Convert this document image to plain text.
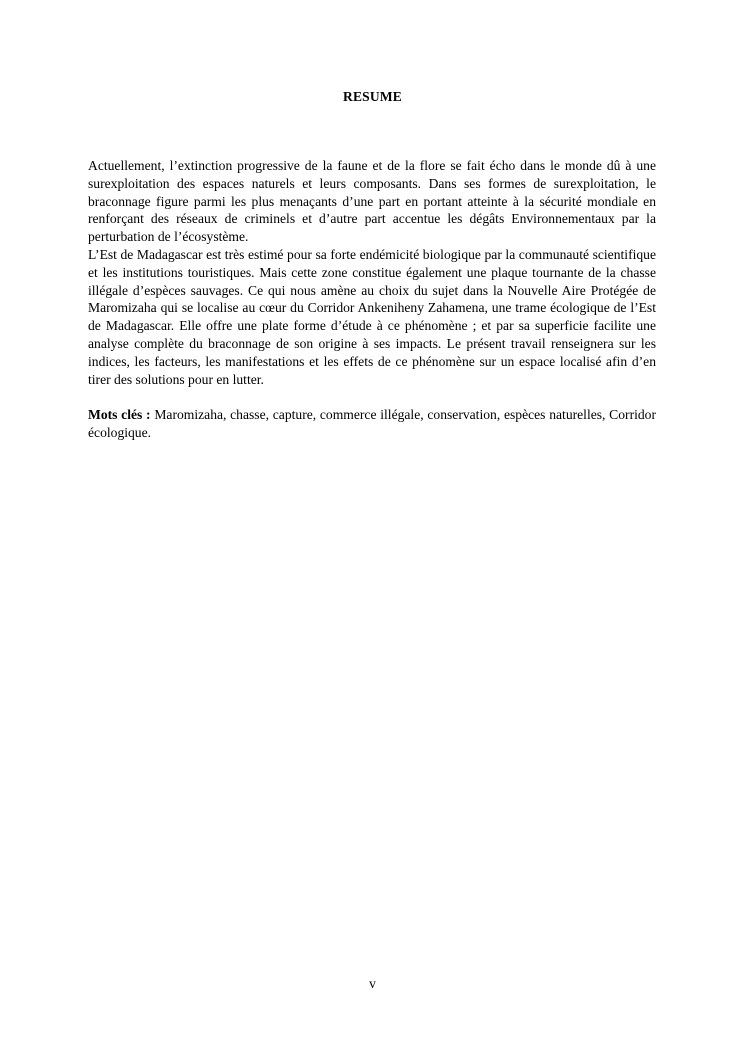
RESUME

Actuellement, l’extinction progressive de la faune et de la flore se fait écho dans le monde dû à une surexploitation des espaces naturels et leurs composants. Dans ses formes de surexploitation, le braconnage figure parmi les plus menaçants d’une part en portant atteinte à la sécurité mondiale en renforçant des réseaux de criminels et d’autre part accentue les dégâts Environnementaux par la perturbation de l’écosystème.

L’Est de Madagascar est très estimé pour sa forte endémicité biologique par la communauté scientifique et les institutions touristiques. Mais cette zone constitue également une plaque tournante de la chasse illégale d’espèces sauvages. Ce qui nous amène au choix du sujet dans la Nouvelle Aire Protégée de Maromizaha qui se localise au cœur du Corridor Ankeniheny Zahamena, une trame écologique de l’Est de Madagascar. Elle offre une plate forme d’étude à ce phénomène ; et par sa superficie facilite une analyse complète du braconnage de son origine à ses impacts. Le présent travail renseignera sur les indices, les facteurs, les manifestations et les effets de ce phénomène sur un espace localisé afin d’en tirer des solutions pour en lutter.

Mots clés : Maromizaha, chasse, capture, commerce illégale, conservation, espèces naturelles, Corridor écologique.

v
